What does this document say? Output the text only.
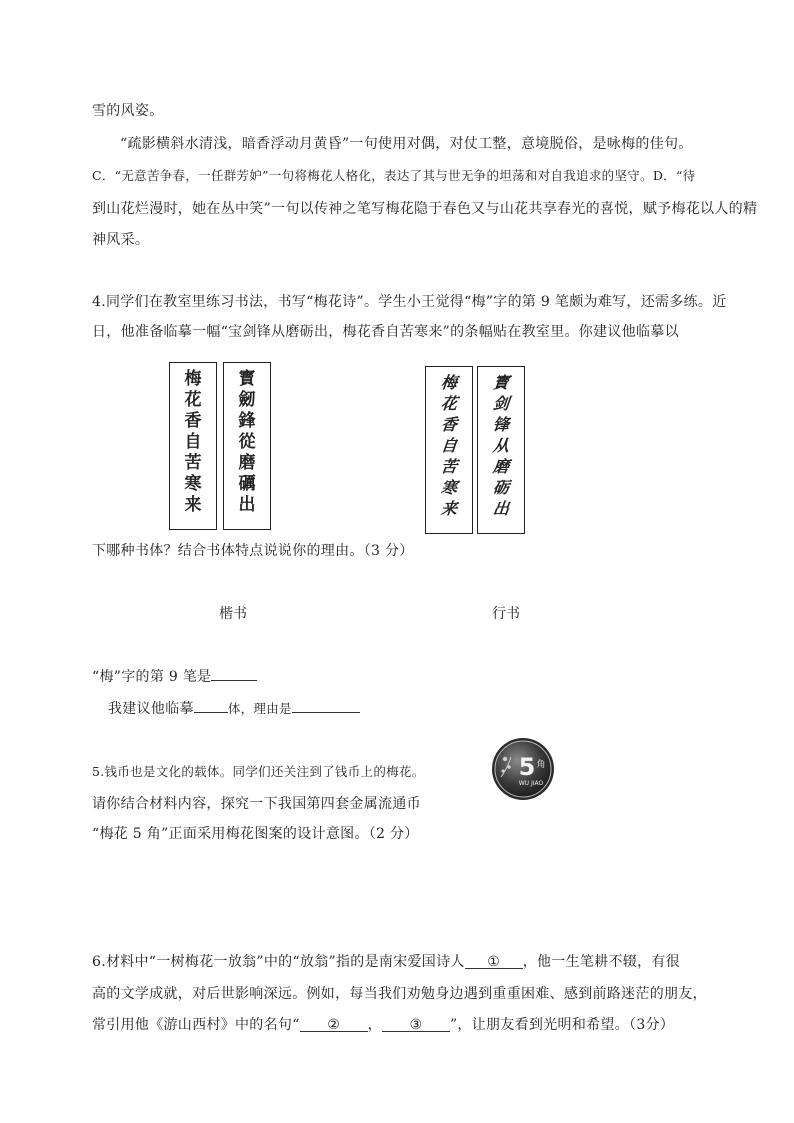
雪的风姿。
“疏影横斜水清浅，暗香浮动月黄昏”一句使用对偶，对仗工整，意境脱俗，是咏梅的佳句。
C．“无意苦争春，一任群芳妒”一句将梅花人格化，表达了其与世无争的坦荡和对自我追求的坚守。D．“待
到山花烂漫时，她在丛中笑”一句以传神之笔写梅花隐于春色又与山花共享春光的喜悦，赋予梅花以人的精
神风采。
4.同学们在教室里练习书法，书写“梅花诗”。学生小王觉得“梅”字的第 9 笔颇为难写，还需多练。近
日，他准备临摹一幅“宝剑锋从磨砺出，梅花香自苦寒来”的条幅贴在教室里。你建议他临摹以
梅
花
香
自
苦
寒
来
寳
劒
鋒
從
磨
礪
出
梅
花
香
自
苦
寒
来
寳
剑
锋
从
磨
砺
出
下哪种书体？结合书体特点说说你的理由。（3 分）
楷书	行书
“梅”字的第 9 笔是
我建议他临摹	体，理由是
5.钱币也是文化的载体。同学们还关注到了钱币上的梅花。
请你结合材料内容，探究一下我国第四套金属流通币
“梅花 5 角”正面采用梅花图案的设计意图。（2 分）
5 角
WU JIAO
6.材料中“一树梅花一放翁”中的“放翁”指的是南宋爱国诗人 ① ，他一生笔耕不辍，有很
高的文学成就，对后世影响深远。例如，每当我们劝勉身边遇到重重困难、感到前路迷茫的朋友，
常引用他《游山西村》中的名句“ ② ， ③ ”，让朋友看到光明和希望。（3分）
